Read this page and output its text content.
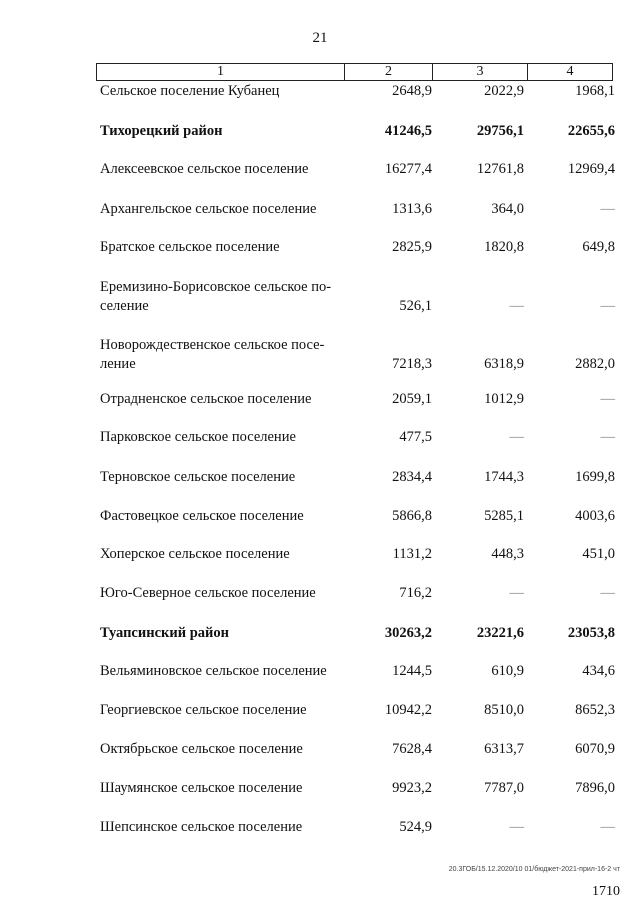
21
1	2	3	4
Сельское поселение Кубанец	2648,9	2022,9	1968,1
Тихорецкий район	41246,5	29756,1	22655,6
Алексеевское сельское поселение	16277,4	12761,8	12969,4
Архангельское сельское поселение	1313,6	364,0	—
Братское сельское поселение	2825,9	1820,8	649,8
Еремизино-Борисовское сельское по-
селение	526,1	—	—
Новорождественское сельское посе-
ление	7218,3	6318,9	2882,0
Отрадненское сельское поселение	2059,1	1012,9	—
Парковское сельское поселение	477,5	—	—
Терновское сельское поселение	2834,4	1744,3	1699,8
Фастовецкое сельское поселение	5866,8	5285,1	4003,6
Хоперское сельское поселение	1131,2	448,3	451,0
Юго-Северное сельское поселение	716,2	—	—
Туапсинский район	30263,2	23221,6	23053,8
Вельяминовское сельское поселение	1244,5	610,9	434,6
Георгиевское сельское поселение	10942,2	8510,0	8652,3
Октябрьское сельское поселение	7628,4	6313,7	6070,9
Шаумянское сельское поселение	9923,2	7787,0	7896,0
Шепсинское сельское поселение	524,9	—	—
20.3ГОБ/15.12.2020/10 01/бюджет-2021-прил-16-2 чт
1710
